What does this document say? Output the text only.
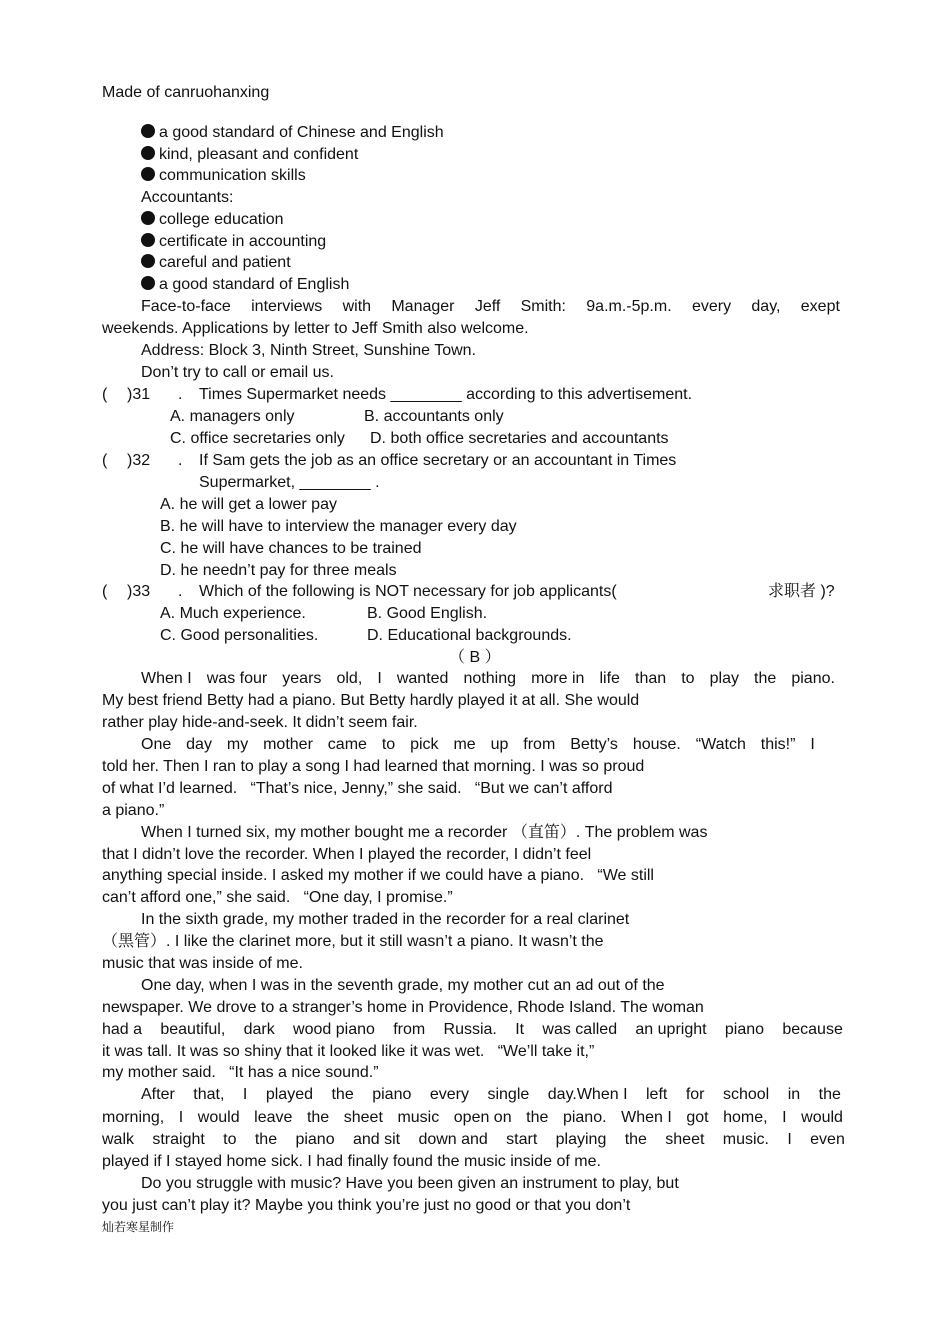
Made of canruohanxing
a good standard of Chinese and English
kind, pleasant and confident
communication skills
Accountants:
college education
certificate in accounting
careful and patient
a good standard of English
Face-to-face interviews with Manager Jeff Smith: 9a.m.-5p.m. every day, exept
weekends. Applications by letter to Jeff Smith also welcome.
Address: Block 3, Ninth Street, Sunshine Town.
Don’t try to call or email us.
( )31 . Times Supermarket needs ________ according to this advertisement.
A. managers only	B. accountants only
C. office secretaries only D. both office secretaries and accountants
( )32 . If Sam gets the job as an office secretary or an accountant in Times
Supermarket, ________ .
A. he will get a lower pay
B. he will have to interview the manager every day
C. he will have chances to be trained
D. he needn’t pay for three meals
( )33 . Which of the following is NOT necessary for job applicants(	求职者 )?
A. Much experience.	B. Good English.
C. Good personalities.	D. Educational backgrounds.
（ B ）
When I was four years old, I wanted nothing more in life than to play the piano.
My best friend Betty had a piano. But Betty hardly played it at all. She would
rather play hide-and-seek. It didn’t seem fair.
One day my mother came to pick me up from Betty’s house. “Watch this!” I
told her. Then I ran to play a song I had learned that morning. I was so proud
of what I’d learned.   “That’s nice, Jenny,” she said.   “But we can’t afford
a piano.”
When I turned six, my mother bought me a recorder （直笛）. The problem was
that I didn’t love the recorder. When I played the recorder, I didn’t feel
anything special inside. I asked my mother if we could have a piano.   “We still
can’t afford one,” she said.   “One day, I promise.”
In the sixth grade, my mother traded in the recorder for a real clarinet
（黑管）. I like the clarinet more, but it still wasn’t a piano. It wasn’t the
music that was inside of me.
One day, when I was in the seventh grade, my mother cut an ad out of the
newspaper. We drove to a stranger’s home in Providence, Rhode Island. The woman
had a beautiful, dark wood piano from Russia. It was called an upright piano because
it was tall. It was so shiny that it looked like it was wet.   “We’ll take it,”
my mother said.   “It has a nice sound.”
After that, I played the piano every single day.When I left for school in the
morning, I would leave the sheet music open on the piano. When I got home, I would
walk straight to the piano and sit down and start playing the sheet music. I even
played if I stayed home sick. I had finally found the music inside of me.
Do you struggle with music? Have you been given an instrument to play, but
you just can’t play it? Maybe you think you’re just no good or that you don’t
灿若寒星制作
